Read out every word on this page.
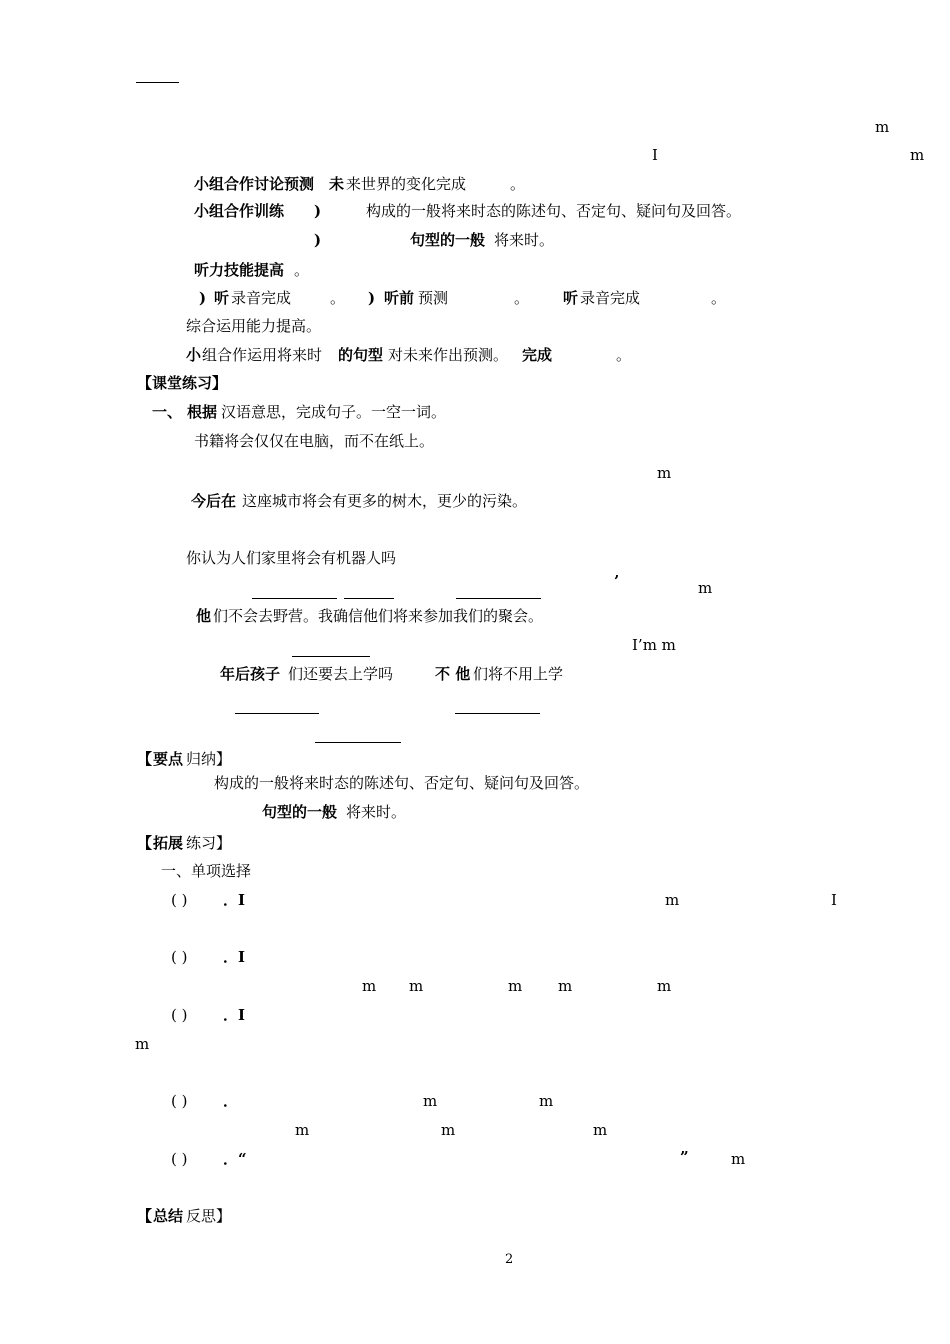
m
I	m
小组合作讨论预测 未 来世界的变化完成	。
小组合作训练 )	构成的一般将来时态的陈述句、否定句、疑问句及回答。
)	句型的一般 将来时。
听力技能提高 。
) 听 录音完成	。 ) 听前 预测	。 听 录音完成	。
综合运用能力提高。
小 组合作运用将来时 的句型 对未来作出预测。 完成	。
【课堂练习】
一、 根据 汉语意思，完成句子。一空一词。
书籍将会仅仅在电脑，而不在纸上。
m
今后在 这座城市将会有更多的树木，更少的污染。
你认为人们家里将会有机器人吗
’	m
他 们不会去野营。我确信他们将来参加我们的聚会。
I’m m
年后孩子 们还要去上学吗	不 他 们将不用上学
【 要点 归纳】
构成的一般将来时态的陈述句、否定句、疑问句及回答。
句型的一般 将来时。
【 拓展 练习】
一、单项选择
( ) ．I	m	I
( ) ．I
m m	m m	m
( ) ．I
m
( ) ．	m	m
m	m	m
( ) ．“	”	m
【 总结 反思】
2
